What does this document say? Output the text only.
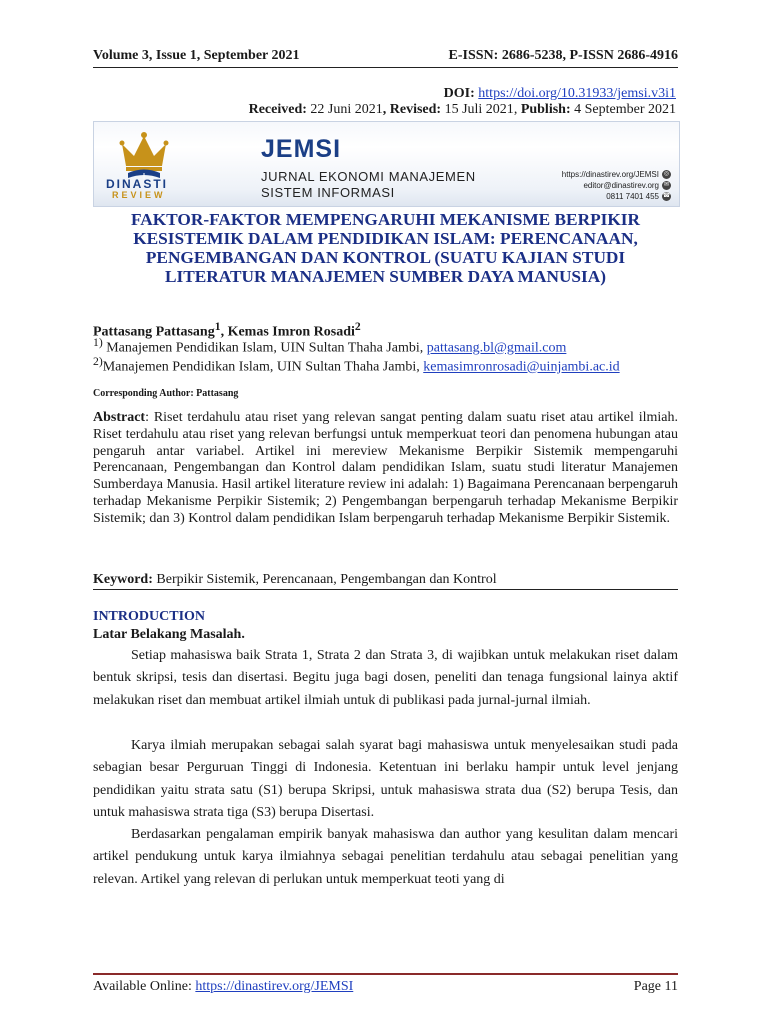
Volume 3, Issue 1, September 2021	E-ISSN: 2686-5238, P-ISSN 2686-4916
DOI: https://doi.org/10.31933/jemsi.v3i1
Received: 22 Juni 2021, Revised: 15 Juli 2021, Publish: 4 September 2021
DINASTI
REVIEW
JEMSI
JURNAL EKONOMI MANAJEMEN
SISTEM INFORMASI
https://dinastirev.org/JEMSI ◎
editor@dinastirev.org ✉
0811 7401 455 ☎
FAKTOR-FAKTOR MEMPENGARUHI MEKANISME BERPIKIR
KESISTEMIK DALAM PENDIDIKAN ISLAM: PERENCANAAN,
PENGEMBANGAN DAN KONTROL (SUATU KAJIAN STUDI
LITERATUR MANAJEMEN SUMBER DAYA MANUSIA)
Pattasang Pattasang$^1$, Kemas Imron Rosadi$^2$
$^{1)}$ Manajemen Pendidikan Islam, UIN Sultan Thaha Jambi, pattasang.bl@gmail.com
$^{2)}$Manajemen Pendidikan Islam, UIN Sultan Thaha Jambi, kemasimronrosadi@uinjambi.ac.id
Corresponding Author: Pattasang
Abstract: Riset terdahulu atau riset yang relevan sangat penting dalam suatu riset atau artikel ilmiah. Riset terdahulu atau riset yang relevan berfungsi untuk memperkuat teori dan penomena hubungan atau pengaruh antar variabel. Artikel ini mereview Mekanisme Berpikir Sistemik mempengaruhi Perencanaan, Pengembangan dan Kontrol dalam pendidikan Islam, suatu studi literatur Manajemen Sumberdaya Manusia. Hasil artikel literature review ini adalah: 1) Bagaimana Perencanaan berpengaruh terhadap Mekanisme Perpikir Sistemik; 2) Pengembangan berpengaruh terhadap Mekanisme Berpikir Sistemik; dan 3) Kontrol dalam pendidikan Islam berpengaruh terhadap Mekanisme Berpikir Sistemik.
Keyword: Berpikir Sistemik, Perencanaan, Pengembangan dan Kontrol
INTRODUCTION
Latar Belakang Masalah.
Setiap mahasiswa baik Strata 1, Strata 2 dan Strata 3, di wajibkan untuk melakukan riset dalam bentuk skripsi, tesis dan disertasi. Begitu juga bagi dosen, peneliti dan tenaga fungsional lainya aktif melakukan riset dan membuat artikel ilmiah untuk di publikasi pada jurnal-jurnal ilmiah.
Karya ilmiah merupakan sebagai salah syarat bagi mahasiswa untuk menyelesaikan studi pada sebagian besar Perguruan Tinggi di Indonesia. Ketentuan ini berlaku hampir untuk level jenjang pendidikan yaitu strata satu (S1) berupa Skripsi, untuk mahasiswa strata dua (S2) berupa Tesis, dan untuk mahasiswa strata tiga (S3) berupa Disertasi.
Berdasarkan pengalaman empirik banyak mahasiswa dan author yang kesulitan dalam mencari artikel pendukung untuk karya ilmiahnya sebagai penelitian terdahulu atau sebagai penelitian yang relevan. Artikel yang relevan di perlukan untuk memperkuat teoti yang di
Available Online: https://dinastirev.org/JEMSI	Page 11
